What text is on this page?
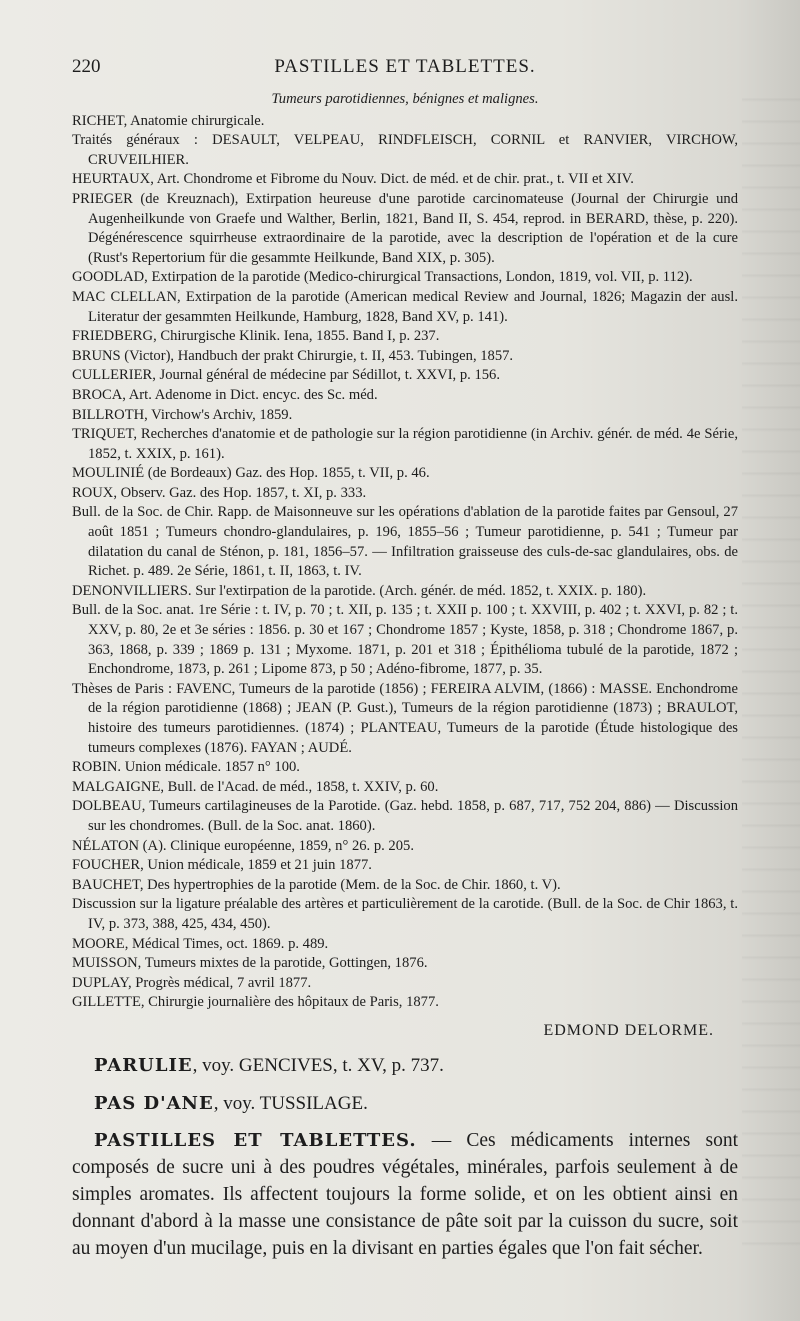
220	PASTILLES ET TABLETTES.
Tumeurs parotidiennes, bénignes et malignes.
RICHET, Anatomie chirurgicale.
Traités généraux : DESAULT, VELPEAU, RINDFLEISCH, CORNIL et RANVIER, VIRCHOW, CRUVEILHIER.
HEURTAUX, Art. Chondrome et Fibrome du Nouv. Dict. de méd. et de chir. prat., t. VII et XIV.
PRIEGER (de Kreuznach), Extirpation heureuse d'une parotide carcinomateuse (Journal der Chirurgie und Augenheilkunde von Graefe und Walther, Berlin, 1821, Band II, S. 454, reprod. in BERARD, thèse, p. 220). Dégénérescence squirrheuse extraordinaire de la parotide, avec la description de l'opération et de la cure (Rust's Repertorium für die gesammte Heilkunde, Band XIX, p. 305).
GOODLAD, Extirpation de la parotide (Medico-chirurgical Transactions, London, 1819, vol. VII, p. 112).
MAC CLELLAN, Extirpation de la parotide (American medical Review and Journal, 1826; Magazin der ausl. Literatur der gesammten Heilkunde, Hamburg, 1828, Band XV, p. 141).
FRIEDBERG, Chirurgische Klinik. Iena, 1855. Band I, p. 237.
BRUNS (Victor), Handbuch der prakt Chirurgie, t. II, 453. Tubingen, 1857.
CULLERIER, Journal général de médecine par Sédillot, t. XXVI, p. 156.
BROCA, Art. Adenome in Dict. encyc. des Sc. méd.
BILLROTH, Virchow's Archiv, 1859.
TRIQUET, Recherches d'anatomie et de pathologie sur la région parotidienne (in Archiv. génér. de méd. 4e Série, 1852, t. XXIX, p. 161).
MOULINIÉ (de Bordeaux) Gaz. des Hop. 1855, t. VII, p. 46.
ROUX, Observ. Gaz. des Hop. 1857, t. XI, p. 333.
Bull. de la Soc. de Chir. Rapp. de Maisonneuve sur les opérations d'ablation de la parotide faites par Gensoul, 27 août 1851 ; Tumeurs chondro-glandulaires, p. 196, 1855–56 ; Tumeur parotidienne, p. 541 ; Tumeur par dilatation du canal de Sténon, p. 181, 1856–57. — Infiltration graisseuse des culs-de-sac glandulaires, obs. de Richet. p. 489. 2e Série, 1861, t. II, 1863, t. IV.
DENONVILLIERS. Sur l'extirpation de la parotide. (Arch. génér. de méd. 1852, t. XXIX. p. 180).
Bull. de la Soc. anat. 1re Série : t. IV, p. 70 ; t. XII, p. 135 ; t. XXII p. 100 ; t. XXVIII, p. 402 ; t. XXVI, p. 82 ; t. XXV, p. 80, 2e et 3e séries : 1856. p. 30 et 167 ; Chondrome 1857 ; Kyste, 1858, p. 318 ; Chondrome 1867, p. 363, 1868, p. 339 ; 1869 p. 131 ; Myxome. 1871, p. 201 et 318 ; Épithélioma tubulé de la parotide, 1872 ; Enchondrome, 1873, p. 261 ; Lipome 873, p 50 ; Adéno-fibrome, 1877, p. 35.
Thèses de Paris : FAVENC, Tumeurs de la parotide (1856) ; FEREIRA ALVIM, (1866) : MASSE. Enchondrome de la région parotidienne (1868) ; JEAN (P. Gust.), Tumeurs de la région parotidienne (1873) ; BRAULOT, histoire des tumeurs parotidiennes. (1874) ; PLANTEAU, Tumeurs de la parotide (Étude histologique des tumeurs complexes (1876). FAYAN ; AUDÉ.
ROBIN. Union médicale. 1857 n° 100.
MALGAIGNE, Bull. de l'Acad. de méd., 1858, t. XXIV, p. 60.
DOLBEAU, Tumeurs cartilagineuses de la Parotide. (Gaz. hebd. 1858, p. 687, 717, 752 204, 886) — Discussion sur les chondromes. (Bull. de la Soc. anat. 1860).
NÉLATON (A). Clinique européenne, 1859, n° 26. p. 205.
FOUCHER, Union médicale, 1859 et 21 juin 1877.
BAUCHET, Des hypertrophies de la parotide (Mem. de la Soc. de Chir. 1860, t. V).
Discussion sur la ligature préalable des artères et particulièrement de la carotide. (Bull. de la Soc. de Chir 1863, t. IV, p. 373, 388, 425, 434, 450).
MOORE, Médical Times, oct. 1869. p. 489.
MUISSON, Tumeurs mixtes de la parotide, Gottingen, 1876.
DUPLAY, Progrès médical, 7 avril 1877.
GILLETTE, Chirurgie journalière des hôpitaux de Paris, 1877.
EDMOND DELORME.
PARULIE, voy. GENCIVES, t. XV, p. 737.
PAS D'ANE, voy. TUSSILAGE.
PASTILLES ET TABLETTES. — Ces médicaments internes sont composés de sucre uni à des poudres végétales, minérales, parfois seulement à de simples aromates. Ils affectent toujours la forme solide, et on les obtient ainsi en donnant d'abord à la masse une consistance de pâte soit par la cuisson du sucre, soit au moyen d'un mucilage, puis en la divisant en parties égales que l'on fait sécher.
